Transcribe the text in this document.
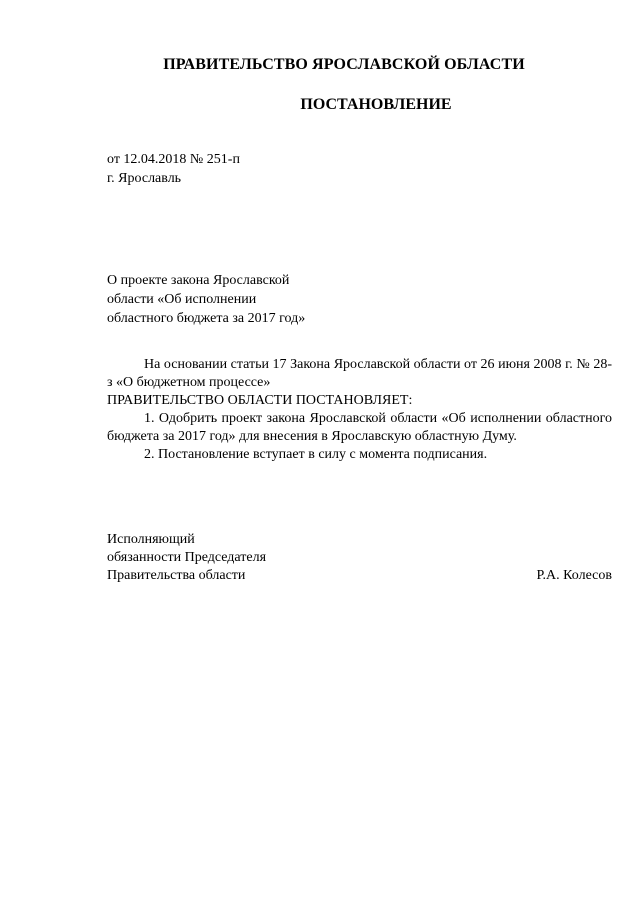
ПРАВИТЕЛЬСТВО ЯРОСЛАВСКОЙ ОБЛАСТИ
ПОСТАНОВЛЕНИЕ
от 12.04.2018 № 251-п
г. Ярославль
О проекте закона Ярославской
области «Об исполнении
областного бюджета за 2017 год»

На основании статьи 17 Закона Ярославской области от 26 июня 2008 г. № 28-з «О бюджетном процессе»

ПРАВИТЕЛЬСТВО ОБЛАСТИ ПОСТАНОВЛЯЕТ:

1. Одобрить проект закона Ярославской области «Об исполнении областного бюджета за 2017 год» для внесения в Ярославскую областную Думу.

2. Постановление вступает в силу с момента подписания.

Исполняющий
обязанности Председателя
Правительства области	Р.А. Колесов
